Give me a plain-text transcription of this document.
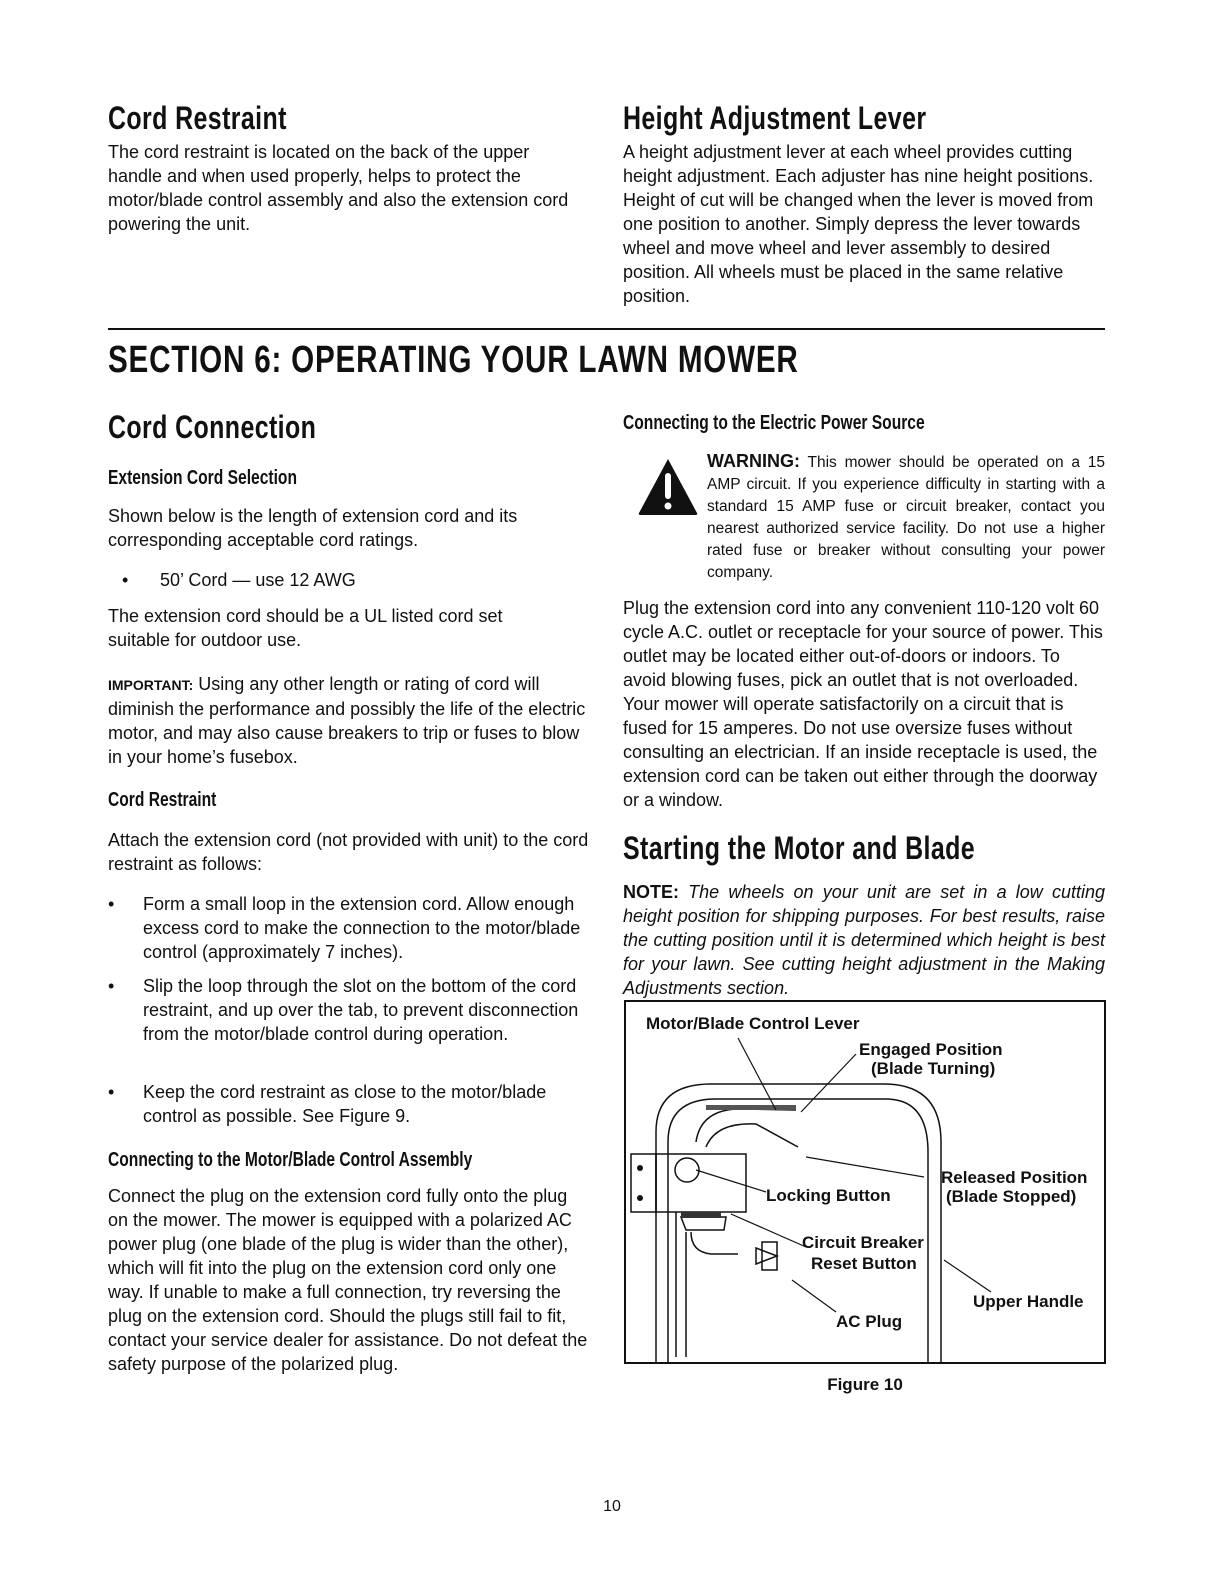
Cord Restraint
The cord restraint is located on the back of the upper handle and when used properly, helps to protect the motor/blade control assembly and also the extension cord powering the unit.
Height Adjustment Lever
A height adjustment lever at each wheel provides cutting height adjustment. Each adjuster has nine height positions. Height of cut will be changed when the lever is moved from one position to another. Simply depress the lever towards wheel and move wheel and lever assembly to desired position. All wheels must be placed in the same relative position.
SECTION 6: OPERATING YOUR LAWN MOWER
Cord Connection
Extension Cord Selection
Shown below is the length of extension cord and its corresponding acceptable cord ratings.
• 50’ Cord — use 12 AWG
The extension cord should be a UL listed cord set suitable for outdoor use.
IMPORTANT: Using any other length or rating of cord will diminish the performance and possibly the life of the electric motor, and may also cause breakers to trip or fuses to blow in your home’s fusebox.
Cord Restraint
Attach the extension cord (not provided with unit) to the cord restraint as follows:
• Form a small loop in the extension cord. Allow enough excess cord to make the connection to the motor/blade control (approximately 7 inches).
• Slip the loop through the slot on the bottom of the cord restraint, and up over the tab, to prevent disconnection from the motor/blade control during operation.
• Keep the cord restraint as close to the motor/blade control as possible. See Figure 9.
Connecting to the Motor/Blade Control Assembly
Connect the plug on the extension cord fully onto the plug on the mower. The mower is equipped with a polarized AC power plug (one blade of the plug is wider than the other), which will fit into the plug on the extension cord only one way. If unable to make a full connection, try reversing the plug on the extension cord. Should the plugs still fail to fit, contact your service dealer for assistance. Do not defeat the safety purpose of the polarized plug.
Connecting to the Electric Power Source
WARNING: This mower should be operated on a 15 AMP circuit. If you experience difficulty in starting with a standard 15 AMP fuse or circuit breaker, contact you nearest authorized service facility. Do not use a higher rated fuse or breaker without consulting your power company.
Plug the extension cord into any convenient 110-120 volt 60 cycle A.C. outlet or receptacle for your source of power. This outlet may be located either out-of-doors or indoors. To avoid blowing fuses, pick an outlet that is not overloaded. Your mower will operate satisfactorily on a circuit that is fused for 15 amperes. Do not use oversize fuses without consulting an electrician. If an inside receptacle is used, the extension cord can be taken out either through the doorway or a window.
Starting the Motor and Blade
NOTE: The wheels on your unit are set in a low cutting height position for shipping purposes. For best results, raise the cutting position until it is determined which height is best for your lawn. See cutting height adjustment in the Making Adjustments section.
Motor/Blade Control Lever
Engaged Position
(Blade Turning)
Released Position
(Blade Stopped)
Locking Button
Circuit Breaker
Reset Button
Upper Handle
AC Plug
Figure 10
10
